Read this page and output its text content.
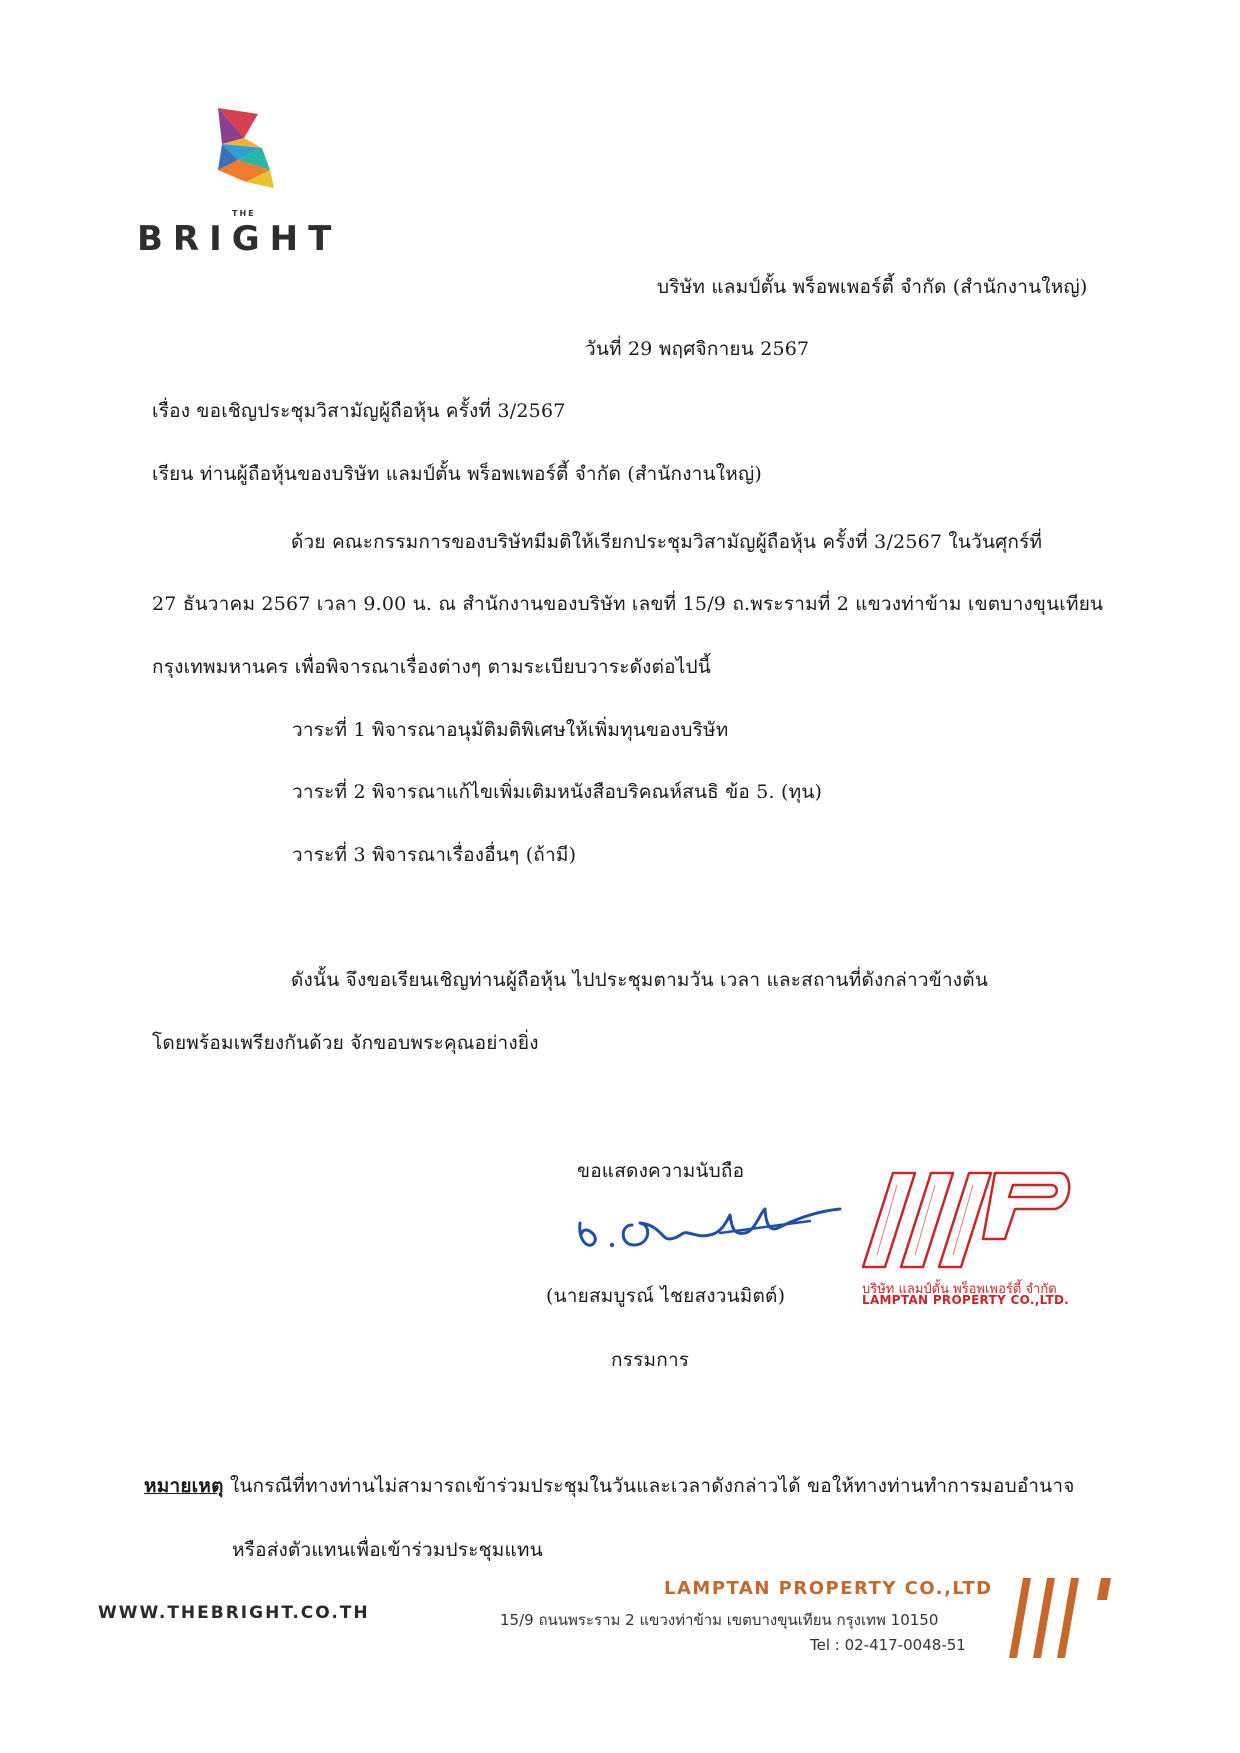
THE
BRIGHT
บริษัท แลมป์ตั้น พร็อพเพอร์ตี้ จำกัด (สำนักงานใหญ่)
วันที่ 29 พฤศจิกายน 2567
เรื่อง ขอเชิญประชุมวิสามัญผู้ถือหุ้น ครั้งที่ 3/2567
เรียน ท่านผู้ถือหุ้นของบริษัท แลมป์ตั้น พร็อพเพอร์ตี้ จำกัด (สำนักงานใหญ่)
ด้วย คณะกรรมการของบริษัทมีมติให้เรียกประชุมวิสามัญผู้ถือหุ้น ครั้งที่ 3/2567 ในวันศุกร์ที่
27 ธันวาคม 2567 เวลา 9.00 น. ณ สำนักงานของบริษัท เลขที่ 15/9 ถ.พระรามที่ 2 แขวงท่าข้าม เขตบางขุนเทียน
กรุงเทพมหานคร เพื่อพิจารณาเรื่องต่างๆ ตามระเบียบวาระดังต่อไปนี้
วาระที่ 1 พิจารณาอนุมัติมติพิเศษให้เพิ่มทุนของบริษัท
วาระที่ 2 พิจารณาแก้ไขเพิ่มเติมหนังสือบริคณห์สนธิ ข้อ 5. (ทุน)
วาระที่ 3 พิจารณาเรื่องอื่นๆ (ถ้ามี)
ดังนั้น จึงขอเรียนเชิญท่านผู้ถือหุ้น ไปประชุมตามวัน เวลา และสถานที่ดังกล่าวข้างต้น
โดยพร้อมเพรียงกันด้วย จักขอบพระคุณอย่างยิ่ง
ขอแสดงความนับถือ
(นายสมบูรณ์ ไชยสงวนมิตต์)
กรรมการ
บริษัท แลมป์ตั้น พร็อพเพอร์ตี้ จำกัด
LAMPTAN PROPERTY CO.,LTD.
หมายเหตุ ในกรณีที่ทางท่านไม่สามารถเข้าร่วมประชุมในวันและเวลาดังกล่าวได้ ขอให้ทางท่านทำการมอบอำนาจ
หรือส่งตัวแทนเพื่อเข้าร่วมประชุมแทน
WWW.THEBRIGHT.CO.TH
LAMPTAN PROPERTY CO.,LTD
15/9 ถนนพระราม 2 แขวงท่าข้าม เขตบางขุนเทียน กรุงเทพ 10150
Tel : 02-417-0048-51
